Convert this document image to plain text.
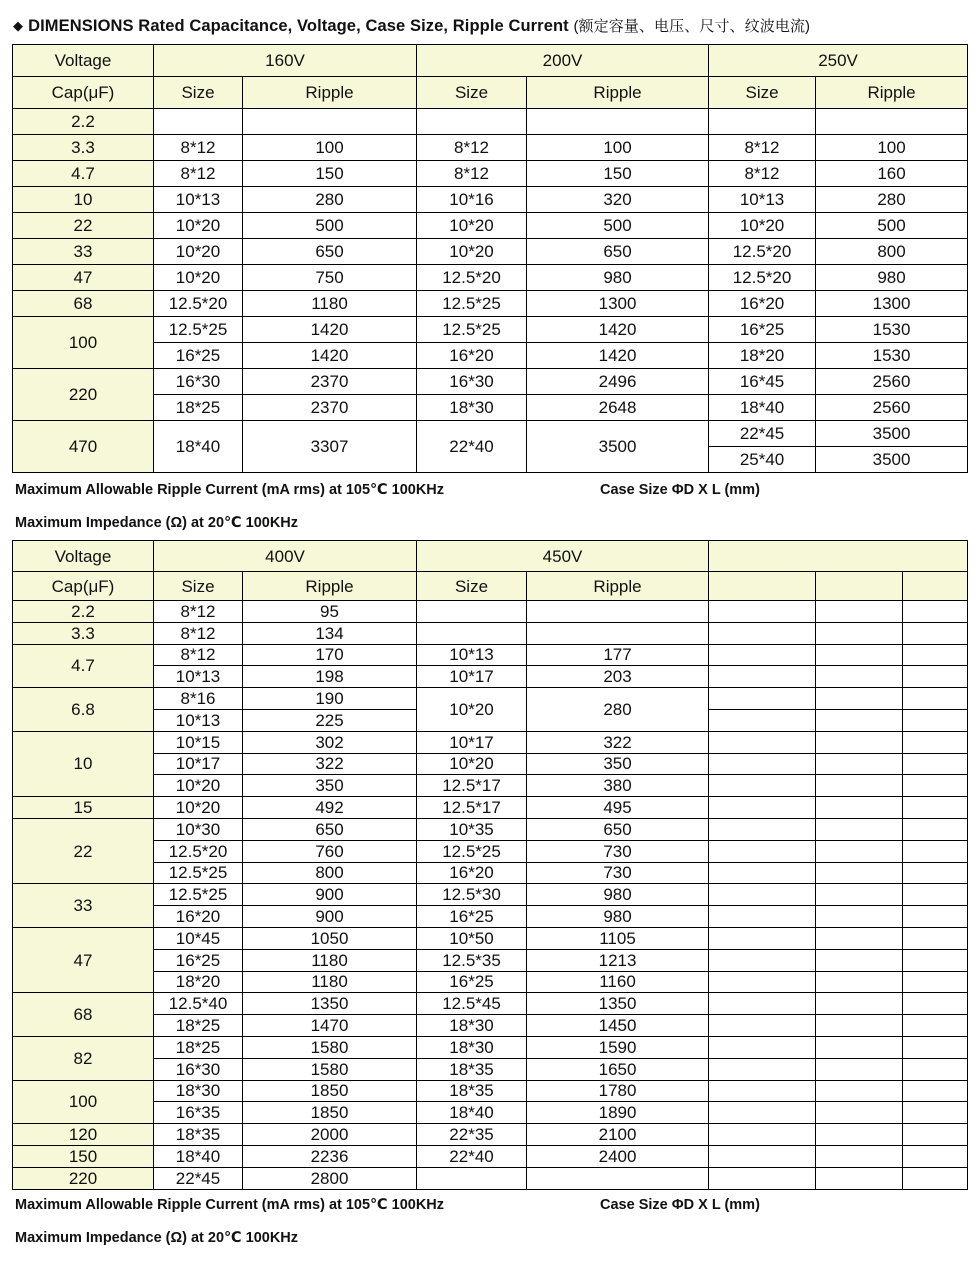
◆ DIMENSIONS Rated Capacitance, Voltage, Case Size, Ripple Current (额定容量、电压、尺寸、纹波电流)
Voltage	160V		200V		250V	
Cap(μF)	Size	Ripple	Size	Ripple	Size	Ripple
2.2						
3.3	8*12	100	8*12	100	8*12	100
4.7	8*12	150	8*12	150	8*12	160
10	10*13	280	10*16	320	10*13	280
22	10*20	500	10*20	500	10*20	500
33	10*20	650	10*20	650	12.5*20	800
47	10*20	750	12.5*20	980	12.5*20	980
68	12.5*20	1180	12.5*25	1300	16*20	1300
100	12.5*25	1420	12.5*25	1420	16*25	1530
	16*25	1420	16*20	1420	18*20	1530
220	16*30	2370	16*30	2496	16*45	2560
	18*25	2370	18*30	2648	18*40	2560
470	18*40	3307	22*40	3500	22*45	3500
					25*40	3500
Maximum Allowable Ripple Current (mA rms) at 105℃ 100KHz	Case Size ΦD X L (mm)
Maximum Impedance (Ω) at 20℃ 100KHz
Voltage	400V		450V				
Cap(μF)	Size	Ripple	Size	Ripple			
2.2	8*12	95					
3.3	8*12	134					
4.7	8*12	170	10*13	177			
	10*13	198	10*17	203			
6.8	8*16	190	10*20	280			
	10*13	225					
10	10*15	302	10*17	322			
	10*17	322	10*20	350			
	10*20	350	12.5*17	380			
15	10*20	492	12.5*17	495			
22	10*30	650	10*35	650			
	12.5*20	760	12.5*25	730			
	12.5*25	800	16*20	730			
33	12.5*25	900	12.5*30	980			
	16*20	900	16*25	980			
47	10*45	1050	10*50	1105			
	16*25	1180	12.5*35	1213			
	18*20	1180	16*25	1160			
68	12.5*40	1350	12.5*45	1350			
	18*25	1470	18*30	1450			
82	18*25	1580	18*30	1590			
	16*30	1580	18*35	1650			
100	18*30	1850	18*35	1780			
	16*35	1850	18*40	1890			
120	18*35	2000	22*35	2100			
150	18*40	2236	22*40	2400			
220	22*45	2800					
Maximum Allowable Ripple Current (mA rms) at 105℃ 100KHz	Case Size ΦD X L (mm)
Maximum Impedance (Ω) at 20℃ 100KHz
